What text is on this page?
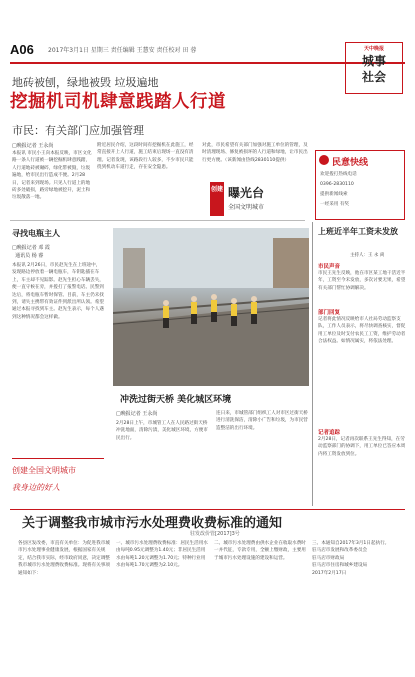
A06 2017年3月1日 星期三 责任编辑 王慧安 责任校对 田 蓉	天中晚报
城事
社会
地砖被刨，绿地被毁 垃圾遍地
挖掘机司机肆意践踏人行道
市民：有关部门应加强管理
□晚报记者 王永尚
本报讯 市民小王向本报反映，市区文化路一条人行道被一辆挖掘机肆意践踏，人行道地砖被碾碎，绿化带被毁，垃圾遍地，给市民出行造成不便。2月28日，记者来到现场。只见人行道上的地砖多处破损，路旁绿地被挖开，泥土和垃圾散落一地。
附近居民介绍，这段时间有挖掘机在此施工，经常直接开上人行道，施工结束后现场一直没有清理。记者发现，该路段行人较多，不少市民只能绕到机动车道行走，存在安全隐患。
对此，市民希望有关部门加强对施工单位的管理，及时清理现场、修复被损坏的人行道和绿地，让市民出行更方便。（该新闻由热线2830110提供）
创建 曝光台
全国文明城市
民意快线
欢迎拨打热线电话
0396-2830110
提供新闻线索
一经采用 有奖
寻找电瓶主人
□晚报记者 邓 霞
通讯员 杨 睿
本报讯 2月26日，市民赵先生在上班途中，发现路边停放着一辆电瓶车，车钥匙插在车上，车主却不见踪影。赵先生担心车辆丢失，便一直守候在旁，并拨打了报警电话。民警到达后，将电瓶车暂时保管。目前，车主仍未找到，请失主携带有效证件到派出所认领。希望通过本报寻找到车主。赵先生表示，每个人遇到这种情况都会这样做。
创建全国文明城市
我身边的好人
冲洗过街天桥 美化城区环境
□晚报记者 王永尚
2月28日上午，市城管工人在人民路过街天桥冲洗地面，清除污渍，美化城区环境，方便市民出行。
连日来，市城管部门组织工人对市区过街天桥进行清洗保洁，清除小广告和垃圾，为市民营造整洁的出行环境。
上班近半年工资未发放
主持人：王 永 尚
市民声音
市民王先生反映，他在市区某工地干活近半年，工资至今未发放，多次讨要无果，希望有关部门帮忙协调解决。
部门回复
记者将此情况反映给市人社局劳动监察支队，工作人员表示，将尽快调查核实，督促用工单位及时支付农民工工资，维护劳动者合法权益。如情况属实，将依法处理。
记者追踪
2月28日，记者再次联系王先生得知，在劳动监察部门的协调下，用工单位已答应本周内将工资发放到位。
关于调整我市城市污水处理费收费标准的通知
驻发改价管[2017]3号
各县区发改委，市直有关单位：为促进我市城市污水处理事业健康发展，根据国家有关规定，结合我市实际，经市政府同意，决定调整我市城市污水处理费收费标准。现将有关事项通知如下：
一、城市污水处理费收费标准：居民生活用水由每吨0.95元调整为1.40元；非居民生活用水由每吨1.20元调整为1.70元；特种行业用水由每吨1.70元调整为2.10元。
二、城市污水处理费由供水企业在收取水费时一并代征，专款专用，全额上缴财政，主要用于城市污水处理设施的建设和运营。
三、本通知自2017年3月1日起执行。
驻马店市发展和改革委员会
驻马店市财政局
驻马店市住房和城乡建设局
2017年2月17日
